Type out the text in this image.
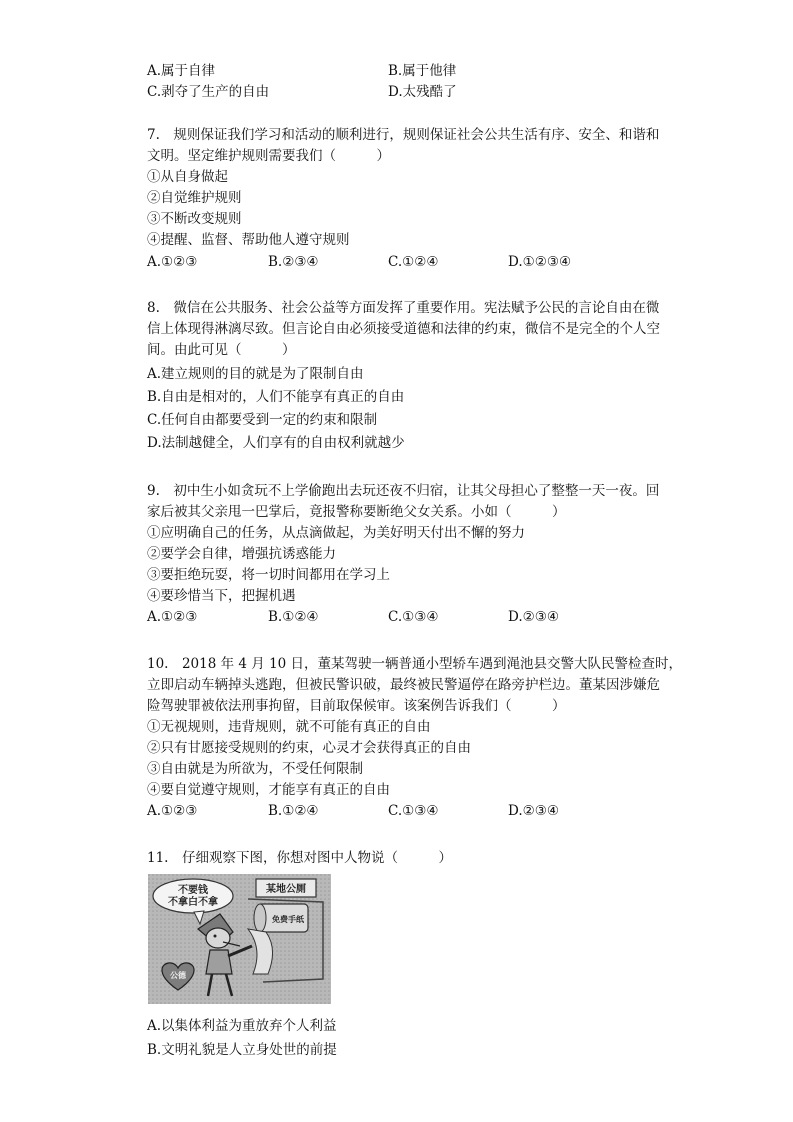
A.属于自律	B.属于他律
C.剥夺了生产的自由	D.太残酷了
7.　规则保证我们学习和活动的顺利进行，规则保证社会公共生活有序、安全、和谐和
文明。坚定维护规则需要我们（　　　）
①从自身做起
②自觉维护规则
③不断改变规则
④提醒、监督、帮助他人遵守规则
A.①②③	B.②③④	C.①②④	D.①②③④
8.　微信在公共服务、社会公益等方面发挥了重要作用。宪法赋予公民的言论自由在微
信上体现得淋漓尽致。但言论自由必须接受道德和法律的约束，微信不是完全的个人空
间。由此可见（　　　）
A.建立规则的目的就是为了限制自由
B.自由是相对的，人们不能享有真正的自由
C.任何自由都要受到一定的约束和限制
D.法制越健全，人们享有的自由权利就越少
9.　初中生小如贪玩不上学偷跑出去玩还夜不归宿，让其父母担心了整整一天一夜。回
家后被其父亲甩一巴掌后，竟报警称要断绝父女关系。小如（　　　）
①应明确自己的任务，从点滴做起，为美好明天付出不懈的努力
②要学会自律，增强抗诱惑能力
③要拒绝玩耍，将一切时间都用在学习上
④要珍惜当下，把握机遇
A.①②③	B.①②④	C.①③④	D.②③④
10.　2018 年 4 月 10 日，董某驾驶一辆普通小型轿车遇到渑池县交警大队民警检查时，
立即启动车辆掉头逃跑，但被民警识破，最终被民警逼停在路旁护栏边。董某因涉嫌危
险驾驶罪被依法刑事拘留，目前取保候审。该案例告诉我们（　　　）
①无视规则，违背规则，就不可能有真正的自由
②只有甘愿接受规则的约束，心灵才会获得真正的自由
③自由就是为所欲为，不受任何限制
④要自觉遵守规则，才能享有真正的自由
A.①②③	B.①②④	C.①③④	D.②③④
11.　仔细观察下图，你想对图中人物说（　　　）
不要钱
不拿白不拿
某地公厕
免费手纸
公德
A.以集体利益为重放弃个人利益
B.文明礼貌是人立身处世的前提
